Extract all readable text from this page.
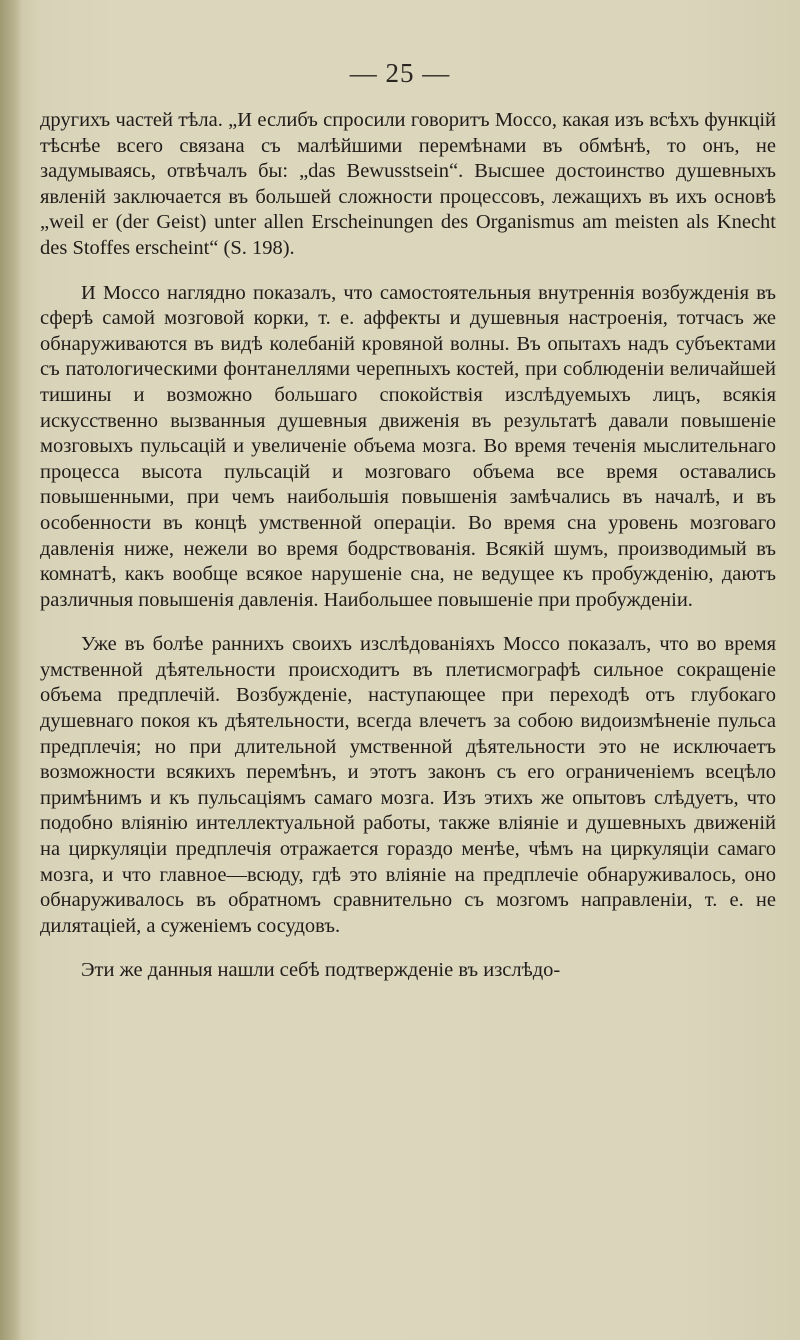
— 25 —

другихъ частей тѣла. „И еслибъ спросили говоритъ Моссо, какая изъ всѣхъ функцій тѣснѣе всего связана съ малѣйшими перемѣнами въ обмѣнѣ, то онъ, не задумываясь, отвѣчалъ бы: „das Bewusstsein“. Высшее достоинство душевныхъ явленій заключается въ большей сложности процессовъ, лежащихъ въ ихъ основѣ „weil er (der Geist) unter allen Erscheinungen des Organismus am meisten als Knecht des Stoffes erscheint“ (S. 198).

И Моссо наглядно показалъ, что самостоятельныя внутреннія возбужденія въ сферѣ самой мозговой корки, т. е. аффекты и душевныя настроенія, тотчасъ же обнаруживаются въ видѣ колебаній кровяной волны. Въ опытахъ надъ субъектами съ патологическими фонтанеллями черепныхъ костей, при соблюденіи величайшей тишины и возможно большаго спокойствія изслѣдуемыхъ лицъ, всякія искусственно вызванныя душевныя движенія въ результатѣ давали повышеніе мозговыхъ пульсацій и увеличеніе объема мозга. Во время теченія мыслительнаго процесса высота пульсацій и мозговаго объема все время оставались повышенными, при чемъ наибольшія повышенія замѣчались въ началѣ, и въ особенности въ концѣ умственной операціи. Во время сна уровень мозговаго давленія ниже, нежели во время бодрствованія. Всякій шумъ, производимый въ комнатѣ, какъ вообще всякое нарушеніе сна, не ведущее къ пробужденію, даютъ различныя повышенія давленія. Наибольшее повышеніе при пробужденіи.

Уже въ болѣе раннихъ своихъ изслѣдованіяхъ Моссо показалъ, что во время умственной дѣятельности происходитъ въ плетисмографѣ сильное сокращеніе объема предплечій. Возбужденіе, наступающее при переходѣ отъ глубокаго душевнаго покоя къ дѣятельности, всегда влечетъ за собою видоизмѣненіе пульса предплечія; но при длительной умственной дѣятельности это не исключаетъ возможности всякихъ перемѣнъ, и этотъ законъ съ его ограниченіемъ всецѣло примѣнимъ и къ пульсаціямъ самаго мозга. Изъ этихъ же опытовъ слѣдуетъ, что подобно вліянію интеллектуальной работы, также вліяніе и душевныхъ движеній на циркуляціи предплечія отражается гораздо менѣе, чѣмъ на циркуляціи самаго мозга, и что главное—всюду, гдѣ это вліяніе на предплечіе обнаруживалось, оно обнаруживалось въ обратномъ сравнительно съ мозгомъ направленіи, т. е. не дилятаціей, а суженіемъ сосудовъ.

Эти же данныя нашли себѣ подтвержденіе въ изслѣдо-
